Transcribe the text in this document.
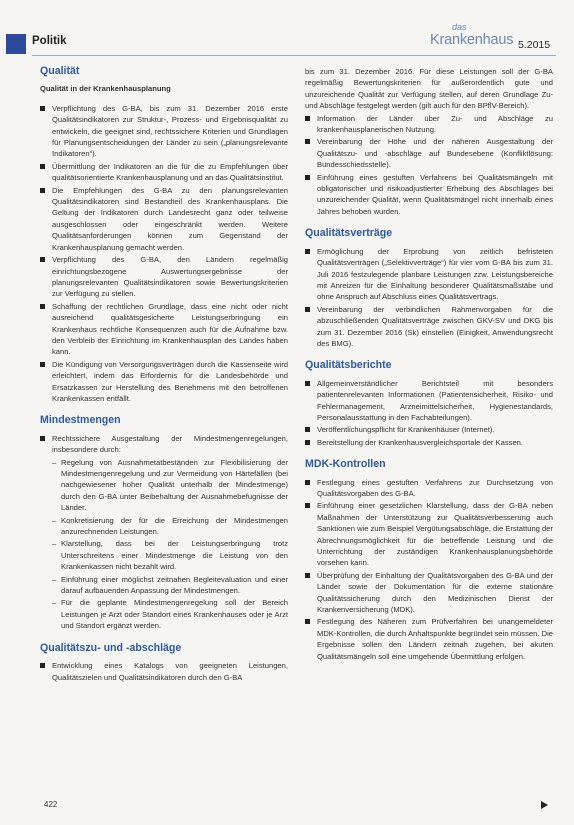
Politik
das
Krankenhaus 5.2015
Qualität
Qualität in der Krankenhausplanung
Verpflichtung des G-BA, bis zum 31. Dezember 2016 erste Qualitätsindikatoren zur Struktur-, Prozess- und Ergebnisqualität zu entwickeln, die geeignet sind, rechtssichere Kriterien und Grundlagen für Planungsentscheidungen der Länder zu sein („planungsrelevante Indikatoren“).
Übermittlung der Indikatoren an die für die zu Empfehlungen über qualitätsorientierte Krankenhausplanung und an das Qualitätsinstitut.
Die Empfehlungen des G-BA zu den planungsrelevanten Qualitätsindikatoren sind Bestandteil des Krankenhausplans. Die Geltung der Indikatoren durch Landesrecht ganz oder teilweise ausgeschlossen oder eingeschränkt werden. Weitere Qualitätsanforderungen können zum Gegenstand der Krankenhausplanung gemacht werden.
Verpflichtung des G-BA, den Ländern regelmäßig einrichtungsbezogene Auswertungsergebnisse der planungsrelevanten Qualitätsindikatoren sowie Bewertungskriterien zur Verfügung zu stellen.
Schaffung der rechtlichen Grundlage, dass eine nicht oder nicht ausreichend qualitätsgesicherte Leistungserbringung ein Krankenhaus rechtliche Konsequenzen auch für die Aufnahme bzw. den Verbleib der Einrichtung im Krankenhausplan des Landes haben kann.
Die Kündigung von Versorgungsverträgen durch die Kassenseite wird erleichtert, indem das Erfordernis für die Landesbehörde und Ersatzkassen zur Herstellung des Benehmens mit den betroffenen Krankenkassen entfällt.
Mindestmengen
Rechtssichere Ausgestaltung der Mindestmengenregelungen, insbesondere durch:
– Regelung von Ausnahmetatbeständen zur Flexibilisierung der Mindestmengenregelung und zur Vermeidung von Härtefällen (bei nachgewiesener hoher Qualität unterhalb der Mindestmenge) durch den G-BA unter Beibehaltung der Ausnahmebefugnisse der Länder.
– Konkretisierung der für die Erreichung der Mindestmengen anzurechnenden Leistungen.
– Klarstellung, dass bei der Leistungserbringung trotz Unterschreitens einer Mindestmenge die Leistung von den Krankenkassen nicht bezahlt wird.
– Einführung einer möglichst zeitnahen Begleitevaluation und einer darauf aufbauenden Anpassung der Mindestmengen.
– Für die geplante Mindestmengenregelung soll der Bereich Leistungen je Arzt oder Standort eines Krankenhauses oder je Arzt und Standort ergänzt werden.
Qualitätszu- und -abschläge
Entwicklung eines Katalogs von geeigneten Leistungen, Qualitätszielen und Qualitätsindikatoren durch den G-BA
bis zum 31. Dezember 2016. Für diese Leistungen soll der G-BA regelmäßig Bewertungskriterien für außerordentlich gute und unzureichende Qualität zur Verfügung stellen, auf deren Grundlage Zu- und Abschläge festgelegt werden (gilt auch für den BPflV-Bereich).
Information der Länder über Zu- und Abschläge zu krankenhausplanerischen Nutzung.
Vereinbarung der Höhe und der näheren Ausgestaltung der Qualitätszu- und -abschläge auf Bundesebene (Konfliktlösung: Bundesschiedsstelle).
Einführung eines gestuften Verfahrens bei Qualitätsmängeln mit obligatorischer und risikoadjustierter Erhebung des Abschlages bei unzureichender Qualität, wenn Qualitätsmängel nicht innerhalb eines Jahres behoben wurden.
Qualitätsverträge
Ermöglichung der Erprobung von zeitlich befristeten Qualitätsverträgen („Selektivverträge“) für vier vom G-BA bis zum 31. Juli 2016 festzulegende planbare Leistungen zzw. Leistungsbereiche mit Anreizen für die Einhaltung besonderer Qualitätsmaßstäbe und ohne Anspruch auf Abschluss eines Qualitätsvertrags.
Vereinbarung der verbindlichen Rahmenvorgaben für die abzuschließenden Qualitätsverträge zwischen GKV-SV und DKG bis zum 31. Dezember 2016 (Sk) einstellen (Einigkeit, Anwendungsrecht des BMG).
Qualitätsberichte
Allgemeinverständlicher Berichtsteil mit besonders patientenrelevanten Informationen (Patientensicherheit, Risiko- und Fehlermanagement, Arzneimittelsicherheit, Hygienestandards, Personalausstattung in den Fachabteilungen).
Veröffentlichungspflicht für Krankenhäuser (Internet).
Bereitstellung der Krankenhausvergleichsportale der Kassen.
MDK-Kontrollen
Festlegung eines gestuften Verfahrens zur Durchsetzung von Qualitätsvorgaben des G-BA.
Einführung einer gesetzlichen Klarstellung, dass der G-BA neben Maßnahmen der Unterstützung zur Qualitätsverbesserung auch Sanktionen wie zum Beispiel Vergütungsabschläge, die Erstattung der Abrechnungsmöglichkeit für die betreffende Leistung und die Unterrichtung der zuständigen Krankenhausplanungsbehörde vorsehen kann.
Überprüfung der Einhaltung der Qualitätsvorgaben des G-BA und der Länder sowie der Dokumentation für die externe stationäre Qualitätssicherung durch den Medizinischen Dienst der Krankenversicherung (MDK).
Festlegung des Näheren zum Prüfverfahren bei unangemeldeter MDK-Kontrollen, die durch Anhaltspunkte begründet sein müssen. Die Ergebnisse sollen den Ländern zeitnah zugehen, bei akuten Qualitätsmängeln soll eine umgehende Übermittlung erfolgen.
422
